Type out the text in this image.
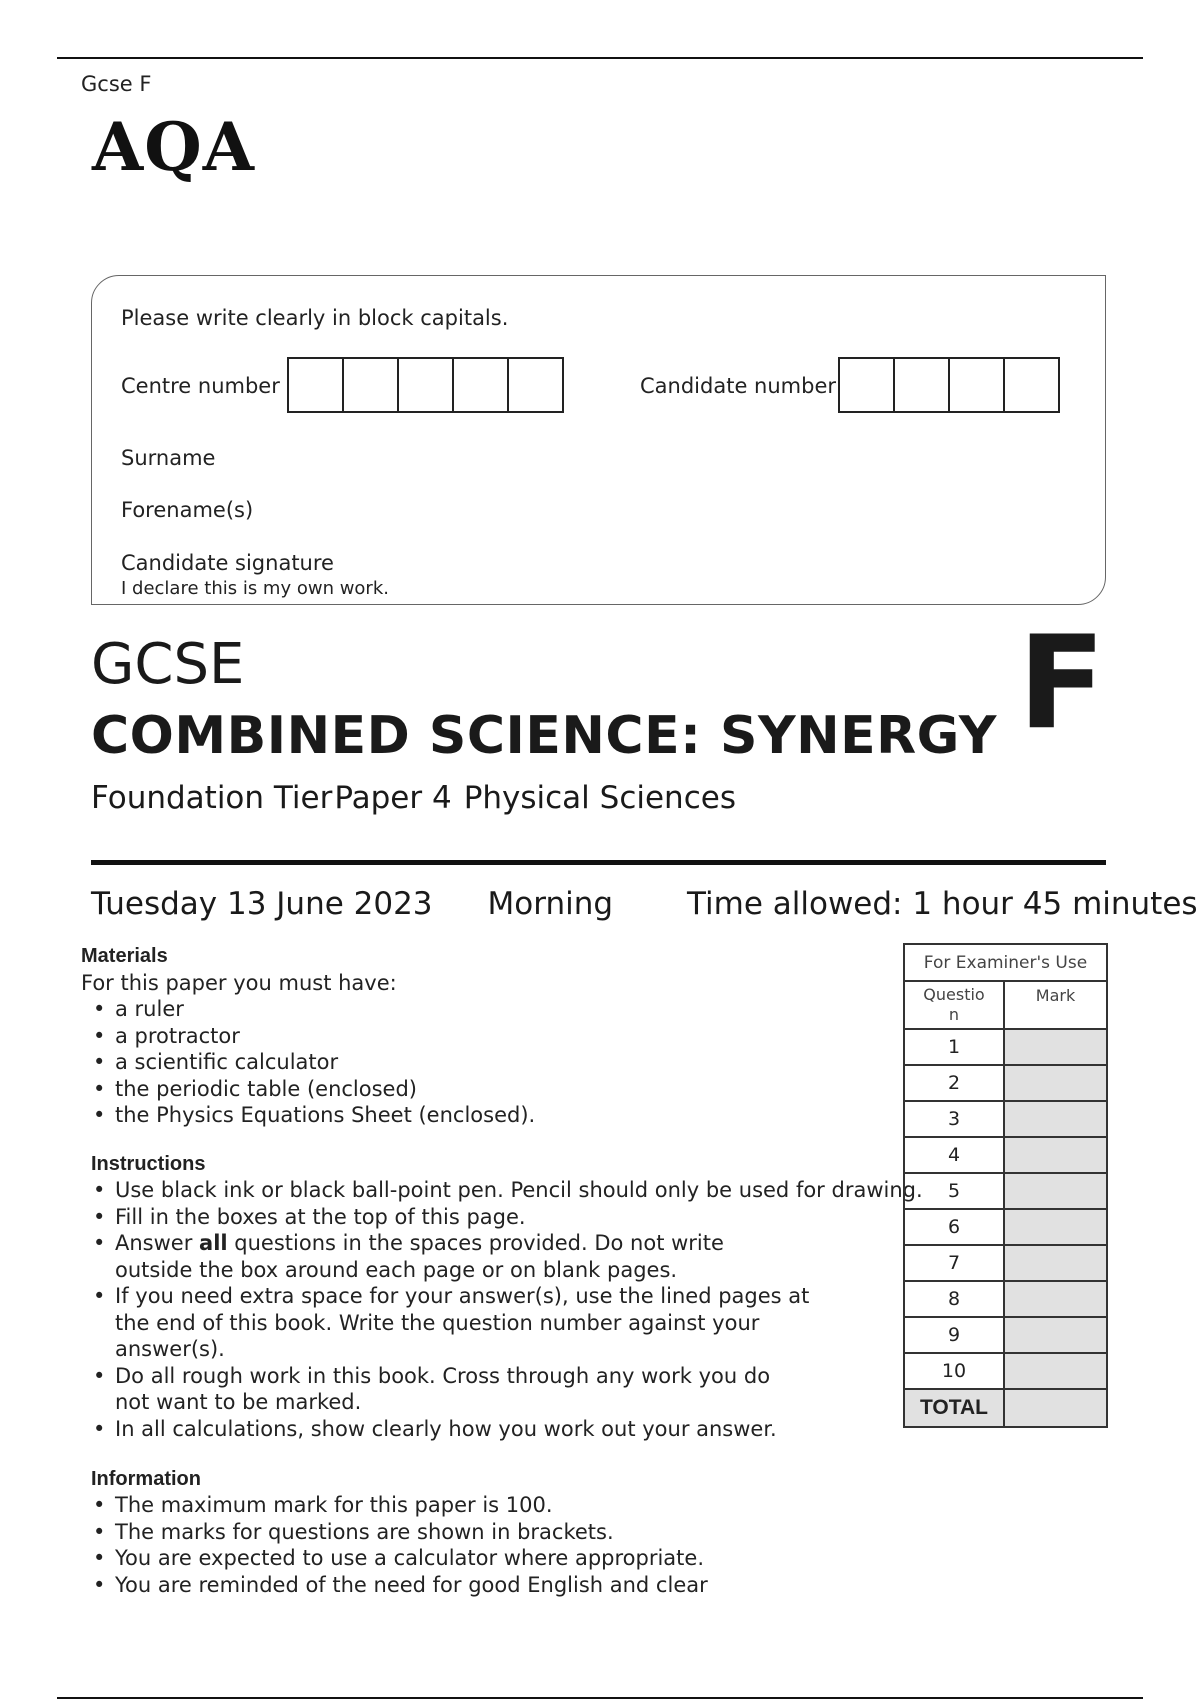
Gcse F
AQA
Please write clearly in block capitals.
Centre number	Candidate number
Surname
Forename(s)
Candidate signature
I declare this is my own work.
GCSE
COMBINED SCIENCE: SYNERGY
Foundation TierPaper 4 Physical Sciences
F
Tuesday 13 June 2023 Morning Time allowed: 1 hour 45 minutes
Materials
For this paper you must have:
• a ruler
• a protractor
• a scientific calculator
• the periodic table (enclosed)
• the Physics Equations Sheet (enclosed).
Instructions
• Use black ink or black ball-point pen. Pencil should only be used for drawing.
• Fill in the boxes at the top of this page.
• Answer all questions in the spaces provided. Do not write
outside the box around each page or on blank pages.
• If you need extra space for your answer(s), use the lined pages at
the end of this book. Write the question number against your
answer(s).
• Do all rough work in this book. Cross through any work you do
not want to be marked.
• In all calculations, show clearly how you work out your answer.
Information
• The maximum mark for this paper is 100.
• The marks for questions are shown in brackets.
• You are expected to use a calculator where appropriate.
• You are reminded of the need for good English and clear
For Examiner's Use	
Questio
n	Mark
1	
2	
3	
4	
5	
6	
7	
8	
9	
10	
TOTAL	
